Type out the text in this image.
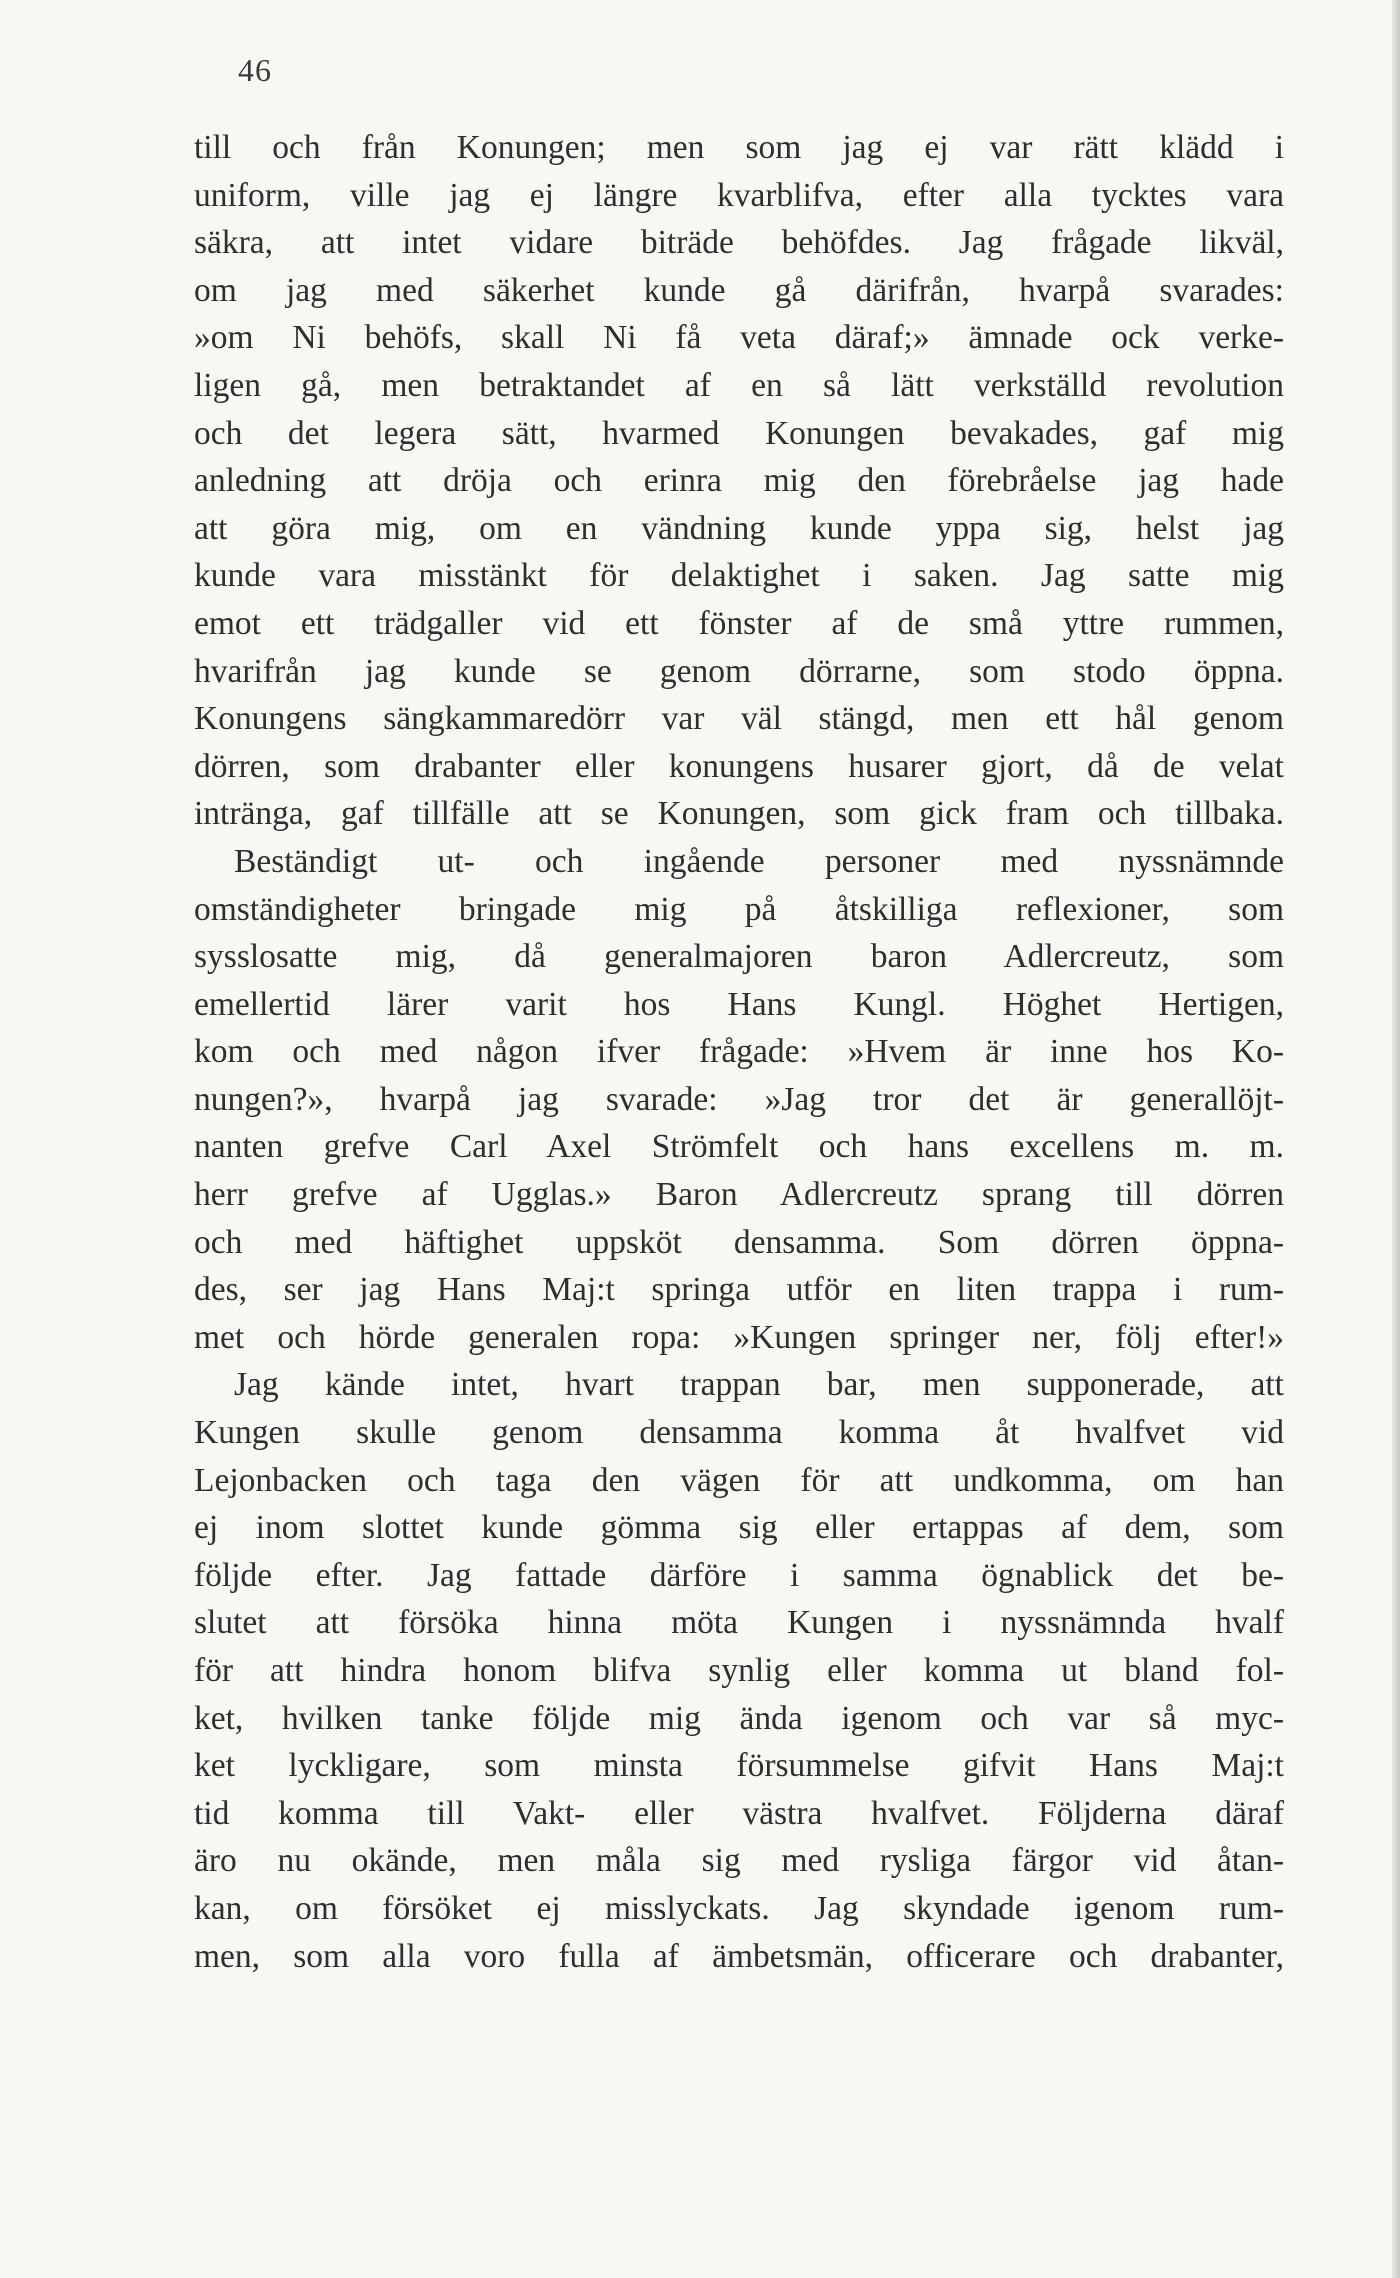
46
till och från Konungen; men som jag ej var rätt klädd i
uniform, ville jag ej längre kvarblifva, efter alla tycktes vara
säkra, att intet vidare biträde behöfdes. Jag frågade likväl,
om jag med säkerhet kunde gå därifrån, hvarpå svarades:
»om Ni behöfs, skall Ni få veta däraf;» ämnade ock verke-
ligen gå, men betraktandet af en så lätt verkställd revolution
och det legera sätt, hvarmed Konungen bevakades, gaf mig
anledning att dröja och erinra mig den förebråelse jag hade
att göra mig, om en vändning kunde yppa sig, helst jag
kunde vara misstänkt för delaktighet i saken. Jag satte mig
emot ett trädgaller vid ett fönster af de små yttre rummen,
hvarifrån jag kunde se genom dörrarne, som stodo öppna.
Konungens sängkammaredörr var väl stängd, men ett hål genom
dörren, som drabanter eller konungens husarer gjort, då de velat
intränga, gaf tillfälle att se Konungen, som gick fram och tillbaka.
Beständigt ut- och ingående personer med nyssnämnde
omständigheter bringade mig på åtskilliga reflexioner, som
sysslosatte mig, då generalmajoren baron Adlercreutz, som
emellertid lärer varit hos Hans Kungl. Höghet Hertigen,
kom och med någon ifver frågade: »Hvem är inne hos Ko-
nungen?», hvarpå jag svarade: »Jag tror det är generallöjt-
nanten grefve Carl Axel Strömfelt och hans excellens m. m.
herr grefve af Ugglas.» Baron Adlercreutz sprang till dörren
och med häftighet uppsköt densamma. Som dörren öppna-
des, ser jag Hans Maj:t springa utför en liten trappa i rum-
met och hörde generalen ropa: »Kungen springer ner, följ efter!»
Jag kände intet, hvart trappan bar, men supponerade, att
Kungen skulle genom densamma komma åt hvalfvet vid
Lejonbacken och taga den vägen för att undkomma, om han
ej inom slottet kunde gömma sig eller ertappas af dem, som
följde efter. Jag fattade därföre i samma ögnablick det be-
slutet att försöka hinna möta Kungen i nyssnämnda hvalf
för att hindra honom blifva synlig eller komma ut bland fol-
ket, hvilken tanke följde mig ända igenom och var så myc-
ket lyckligare, som minsta försummelse gifvit Hans Maj:t
tid komma till Vakt- eller västra hvalfvet. Följderna däraf
äro nu okände, men måla sig med rysliga färgor vid åtan-
kan, om försöket ej misslyckats. Jag skyndade igenom rum-
men, som alla voro fulla af ämbetsmän, officerare och drabanter,
